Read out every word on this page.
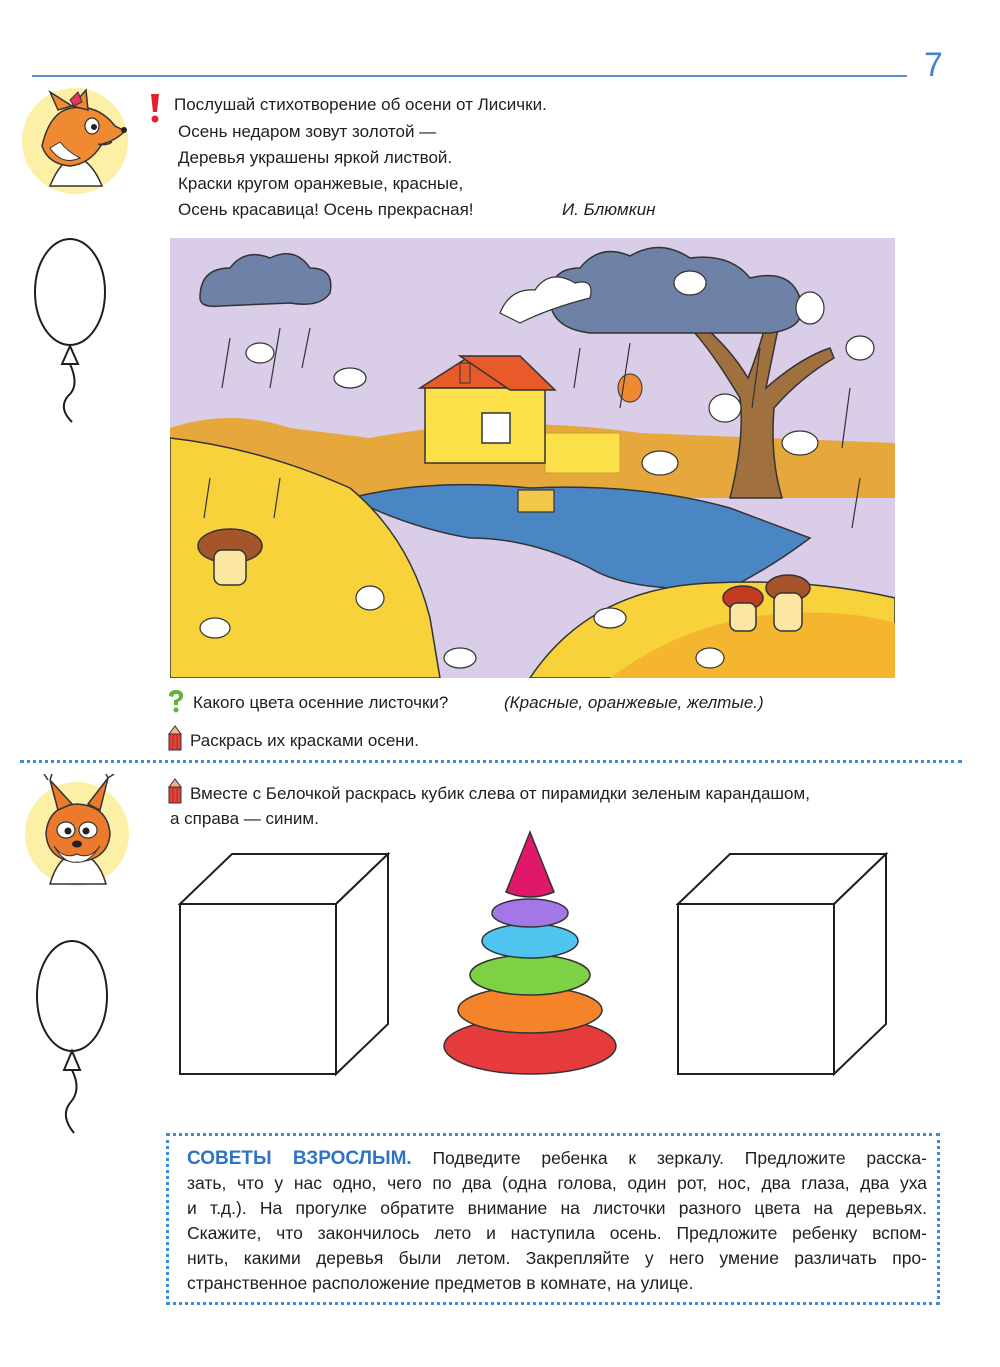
7
Послушай стихотворение об осени от Лисички.
Осень недаром зовут золотой —
Деревья украшены яркой листвой.
Краски кругом оранжевые, красные,
Осень красавица! Осень прекрасная!	И. Блюмкин
Какого цвета осенние листочки?	(Красные, оранжевые, желтые.)
Раскрась их красками осени.
Вместе с Белочкой раскрась кубик слева от пирамидки зеленым карандашом,
а справа — синим.
СОВЕТЫ ВЗРОСЛЫМ. Подведите ребенка к зеркалу. Предложите расска-
зать, что у нас одно, чего по два (одна голова, один рот, нос, два глаза, два уха
и т.д.). На прогулке обратите внимание на листочки разного цвета на деревьях.
Скажите, что закончилось лето и наступила осень. Предложите ребенку вспом-
нить, какими деревья были летом. Закрепляйте у него умение различать про-
странственное расположение предметов в комнате, на улице.
